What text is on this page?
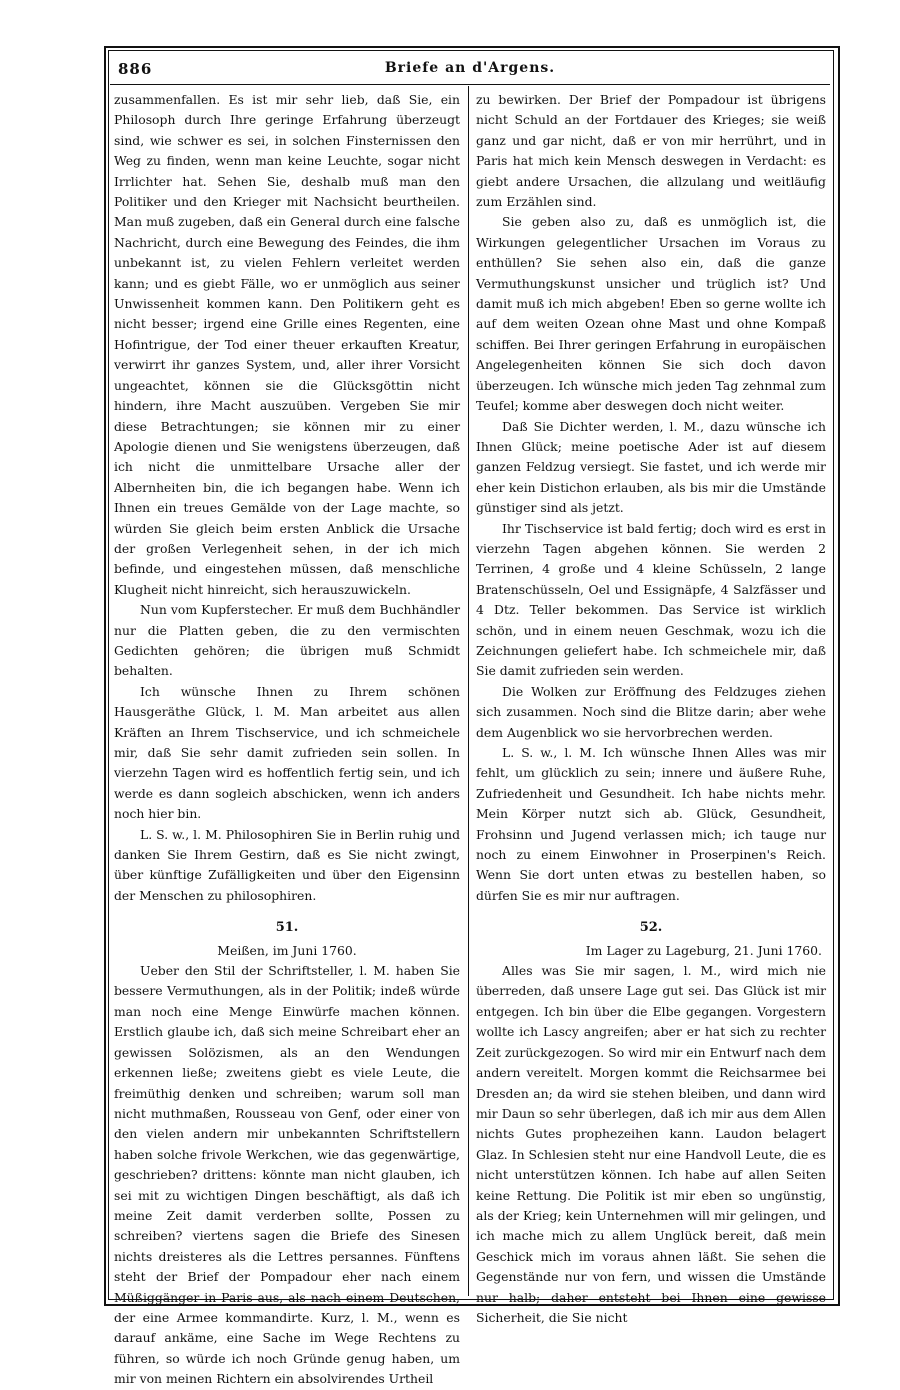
886	Briefe an d'Argens.

zusammenfallen. Es ist mir sehr lieb, daß Sie, ein Philosoph durch Ihre geringe Erfahrung überzeugt sind, wie schwer es sei, in solchen Finsternissen den Weg zu finden, wenn man keine Leuchte, sogar nicht Irrlichter hat. Sehen Sie, deshalb muß man den Politiker und den Krieger mit Nachsicht beurtheilen. Man muß zugeben, daß ein General durch eine falsche Nachricht, durch eine Bewegung des Feindes, die ihm unbekannt ist, zu vielen Fehlern verleitet werden kann; und es giebt Fälle, wo er unmöglich aus seiner Unwissenheit kommen kann. Den Politikern geht es nicht besser; irgend eine Grille eines Regenten, eine Hofintrigue, der Tod einer theuer erkauften Kreatur, verwirrt ihr ganzes System, und, aller ihrer Vorsicht ungeachtet, können sie die Glücksgöttin nicht hindern, ihre Macht auszuüben. Vergeben Sie mir diese Betrachtungen; sie können mir zu einer Apologie dienen und Sie wenigstens überzeugen, daß ich nicht die unmittelbare Ursache aller der Albernheiten bin, die ich begangen habe. Wenn ich Ihnen ein treues Gemälde von der Lage machte, so würden Sie gleich beim ersten Anblick die Ursache der großen Verlegenheit sehen, in der ich mich befinde, und eingestehen müssen, daß menschliche Klugheit nicht hinreicht, sich herauszuwickeln.

Nun vom Kupferstecher. Er muß dem Buchhändler nur die Platten geben, die zu den vermischten Gedichten gehören; die übrigen muß Schmidt behalten.

Ich wünsche Ihnen zu Ihrem schönen Hausgeräthe Glück, l. M. Man arbeitet aus allen Kräften an Ihrem Tischservice, und ich schmeichele mir, daß Sie sehr damit zufrieden sein sollen. In vierzehn Tagen wird es hoffentlich fertig sein, und ich werde es dann sogleich abschicken, wenn ich anders noch hier bin.

L. S. w., l. M. Philosophiren Sie in Berlin ruhig und danken Sie Ihrem Gestirn, daß es Sie nicht zwingt, über künftige Zufälligkeiten und über den Eigensinn der Menschen zu philosophiren.

51.
Meißen, im Juni 1760.

Ueber den Stil der Schriftsteller, l. M. haben Sie bessere Vermuthungen, als in der Politik; indeß würde man noch eine Menge Einwürfe machen können. Erstlich glaube ich, daß sich meine Schreibart eher an gewissen Solözismen, als an den Wendungen erkennen ließe; zweitens giebt es viele Leute, die freimüthig denken und schreiben; warum soll man nicht muthmaßen, Rousseau von Genf, oder einer von den vielen andern mir unbekannten Schriftstellern haben solche frivole Werkchen, wie das gegenwärtige, geschrieben? drittens: könnte man nicht glauben, ich sei mit zu wichtigen Dingen beschäftigt, als daß ich meine Zeit damit verderben sollte, Possen zu schreiben? viertens sagen die Briefe des Sinesen nichts dreisteres als die Lettres persannes. Fünftens steht der Brief der Pompadour eher nach einem Müßiggänger in Paris aus, als nach einem Deutschen, der eine Armee kommandirte. Kurz, l. M., wenn es darauf ankäme, eine Sache im Wege Rechtens zu führen, so würde ich noch Gründe genug haben, um mir von meinen Richtern ein absolvirendes Urtheil

zu bewirken. Der Brief der Pompadour ist übrigens nicht Schuld an der Fortdauer des Krieges; sie weiß ganz und gar nicht, daß er von mir herrührt, und in Paris hat mich kein Mensch deswegen in Verdacht: es giebt andere Ursachen, die allzulang und weitläufig zum Erzählen sind.

Sie geben also zu, daß es unmöglich ist, die Wirkungen gelegentlicher Ursachen im Voraus zu enthüllen? Sie sehen also ein, daß die ganze Vermuthungskunst unsicher und trüglich ist? Und damit muß ich mich abgeben! Eben so gerne wollte ich auf dem weiten Ozean ohne Mast und ohne Kompaß schiffen. Bei Ihrer geringen Erfahrung in europäischen Angelegenheiten können Sie sich doch davon überzeugen. Ich wünsche mich jeden Tag zehnmal zum Teufel; komme aber deswegen doch nicht weiter.

Daß Sie Dichter werden, l. M., dazu wünsche ich Ihnen Glück; meine poetische Ader ist auf diesem ganzen Feldzug versiegt. Sie fastet, und ich werde mir eher kein Distichon erlauben, als bis mir die Umstände günstiger sind als jetzt.

Ihr Tischservice ist bald fertig; doch wird es erst in vierzehn Tagen abgehen können. Sie werden 2 Terrinen, 4 große und 4 kleine Schüsseln, 2 lange Bratenschüsseln, Oel und Essignäpfe, 4 Salzfässer und 4 Dtz. Teller bekommen. Das Service ist wirklich schön, und in einem neuen Geschmak, wozu ich die Zeichnungen geliefert habe. Ich schmeichele mir, daß Sie damit zufrieden sein werden.

Die Wolken zur Eröffnung des Feldzuges ziehen sich zusammen. Noch sind die Blitze darin; aber wehe dem Augenblick wo sie hervorbrechen werden.

L. S. w., l. M. Ich wünsche Ihnen Alles was mir fehlt, um glücklich zu sein; innere und äußere Ruhe, Zufriedenheit und Gesundheit. Ich habe nichts mehr. Mein Körper nutzt sich ab. Glück, Gesundheit, Frohsinn und Jugend verlassen mich; ich tauge nur noch zu einem Einwohner in Proserpinen's Reich. Wenn Sie dort unten etwas zu bestellen haben, so dürfen Sie es mir nur auftragen.

52.
Im Lager zu Lageburg, 21. Juni 1760.

Alles was Sie mir sagen, l. M., wird mich nie überreden, daß unsere Lage gut sei. Das Glück ist mir entgegen. Ich bin über die Elbe gegangen. Vorgestern wollte ich Lascy angreifen; aber er hat sich zu rechter Zeit zurückgezogen. So wird mir ein Entwurf nach dem andern vereitelt. Morgen kommt die Reichsarmee bei Dresden an; da wird sie stehen bleiben, und dann wird mir Daun so sehr überlegen, daß ich mir aus dem Allen nichts Gutes prophezeihen kann. Laudon belagert Glaz. In Schlesien steht nur eine Handvoll Leute, die es nicht unterstützen können. Ich habe auf allen Seiten keine Rettung. Die Politik ist mir eben so ungünstig, als der Krieg; kein Unternehmen will mir gelingen, und ich mache mich zu allem Unglück bereit, daß mein Geschick mich im voraus ahnen läßt. Sie sehen die Gegenstände nur von fern, und wissen die Umstände nur halb; daher entsteht bei Ihnen eine gewisse Sicherheit, die Sie nicht
